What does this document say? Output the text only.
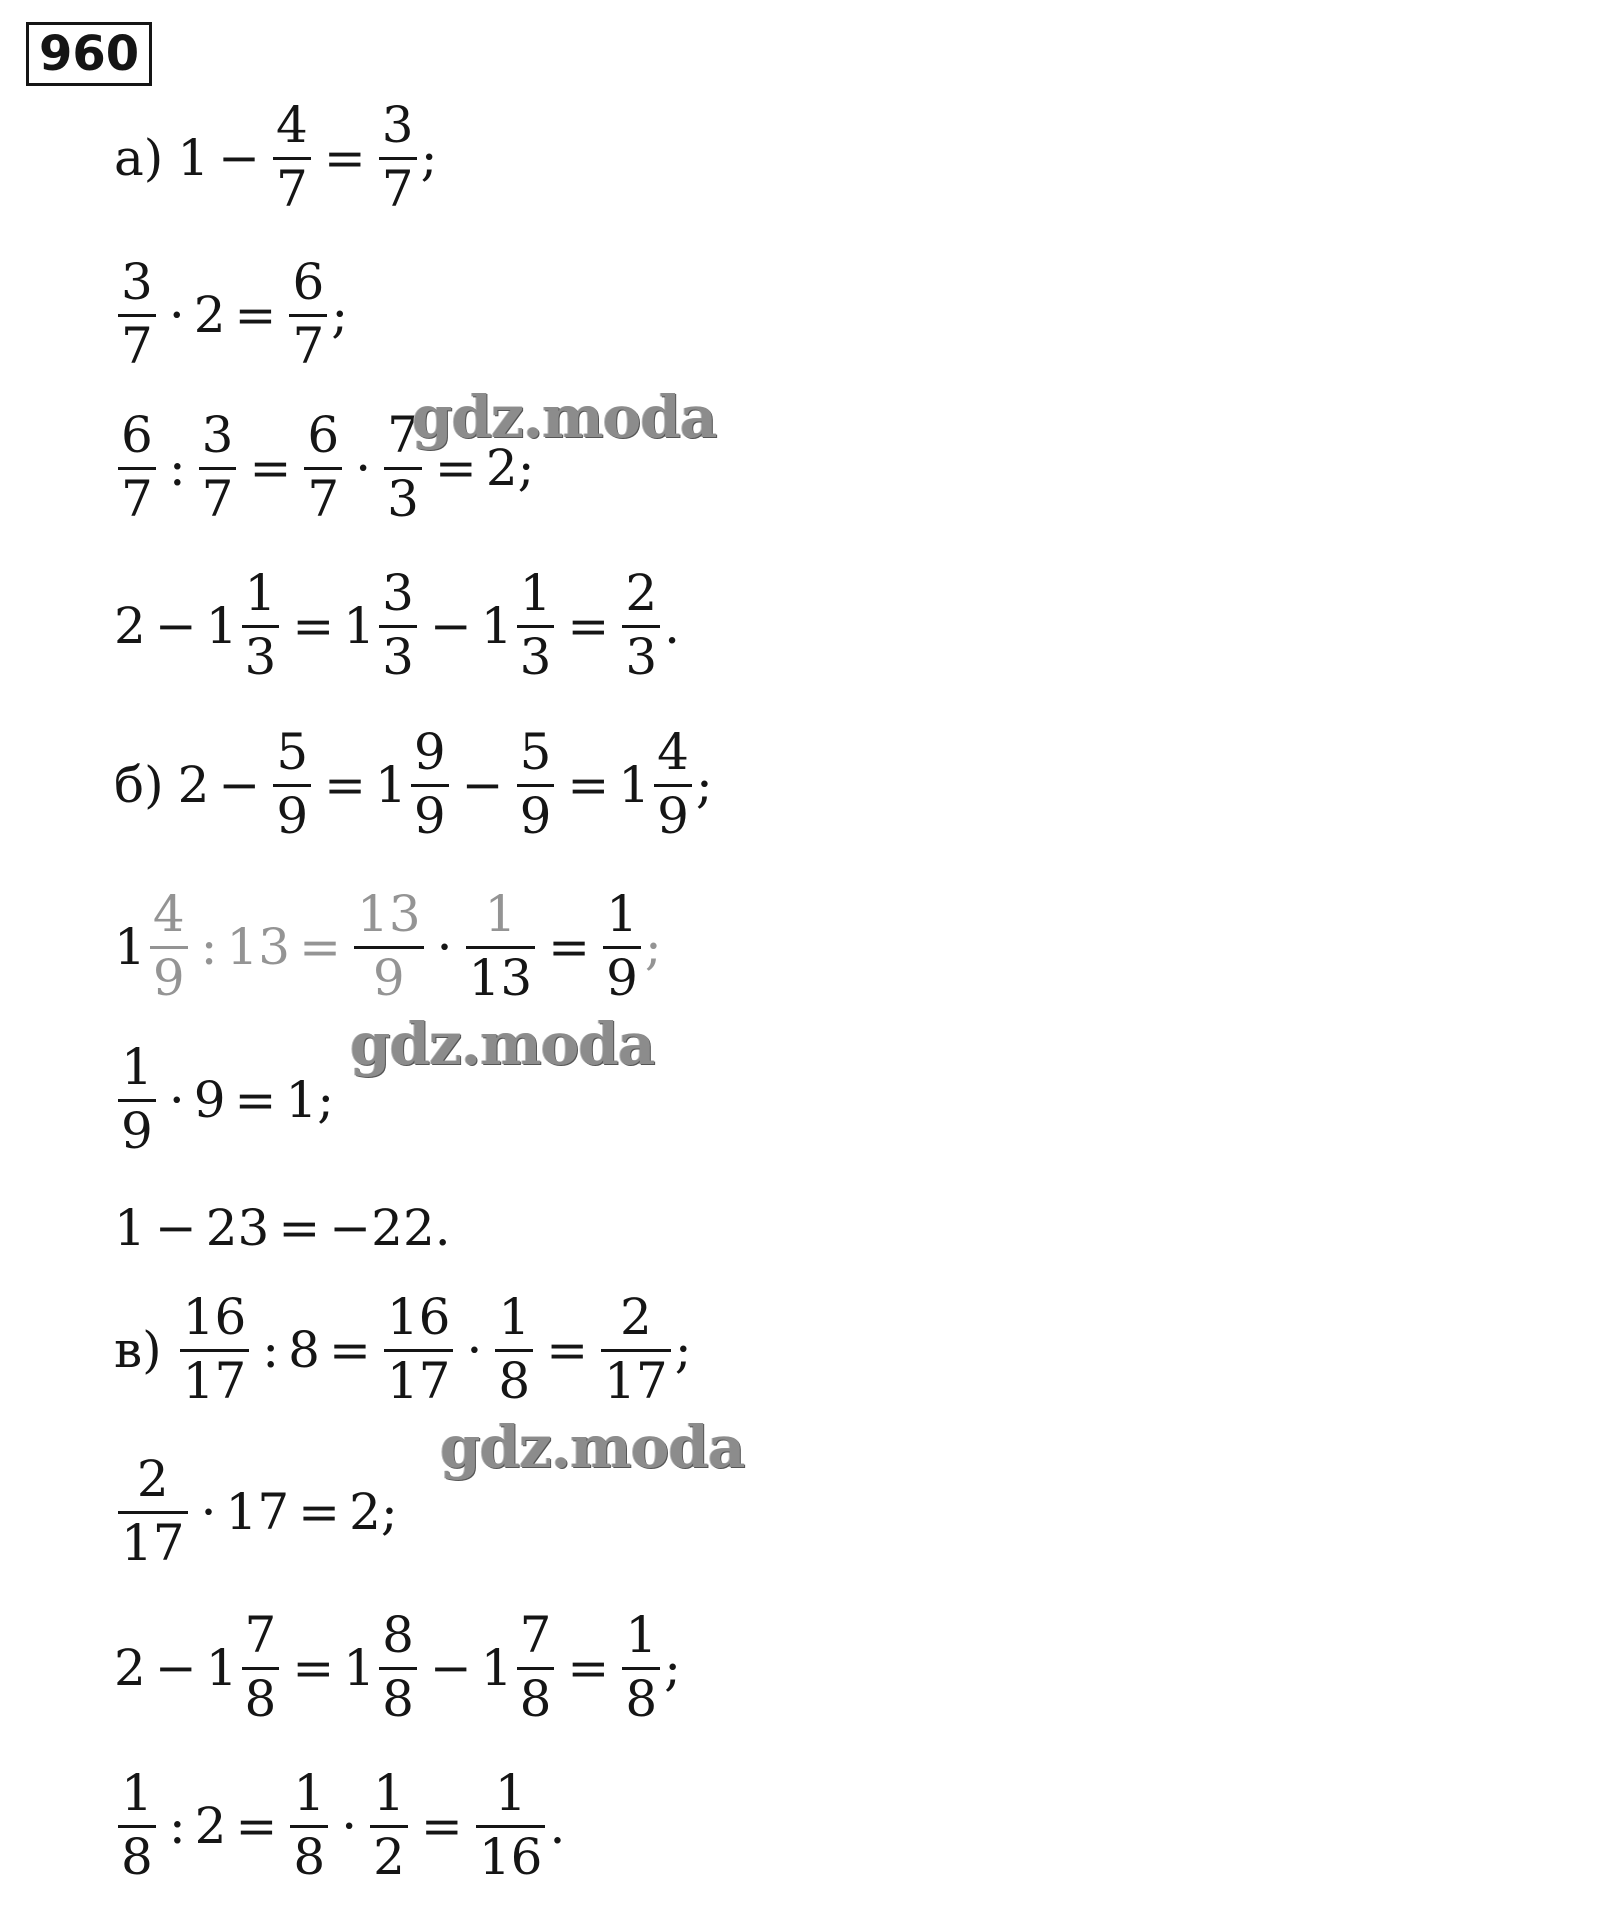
960
а) $1 - \frac{4}{7} = \frac{3}{7}$ ;
$\frac{3}{7} \cdot 2 = \frac{6}{7}$ ;
$\frac{6}{7}$ : $\frac{3}{7} = \frac{6}{7} \cdot \frac{7}{3} = 2$ ;
$2 - 1 \frac{1}{3} = 1 \frac{3}{3} - 1 \frac{1}{3} = \frac{2}{3}$ .
б) $2 - \frac{5}{9} = 1 \frac{9}{9} - \frac{5}{9} = 1 \frac{4}{9}$ ;
$1 \frac{4}{9}$ : $13 = \frac{13}{9} \cdot \frac{1}{13} = \frac{1}{9}$ ;
$\frac{1}{9} \cdot 9 = 1$ ;
1 − 23 = −22 .
$в) \frac{16}{17}$ : $8 = \frac{16}{17} \cdot \frac{1}{8} = \frac{2}{17}$ ;
$\frac{2}{17} \cdot 17 = 2$ ;
$2 - 1 \frac{7}{8} = 1 \frac{8}{8} - 1 \frac{7}{8} = \frac{1}{8}$ ;
$\frac{1}{8}$ : $2 = \frac{1}{8} \cdot \frac{1}{2} = \frac{1}{16}$ .
gdz.moda
gdz.moda
gdz.moda
